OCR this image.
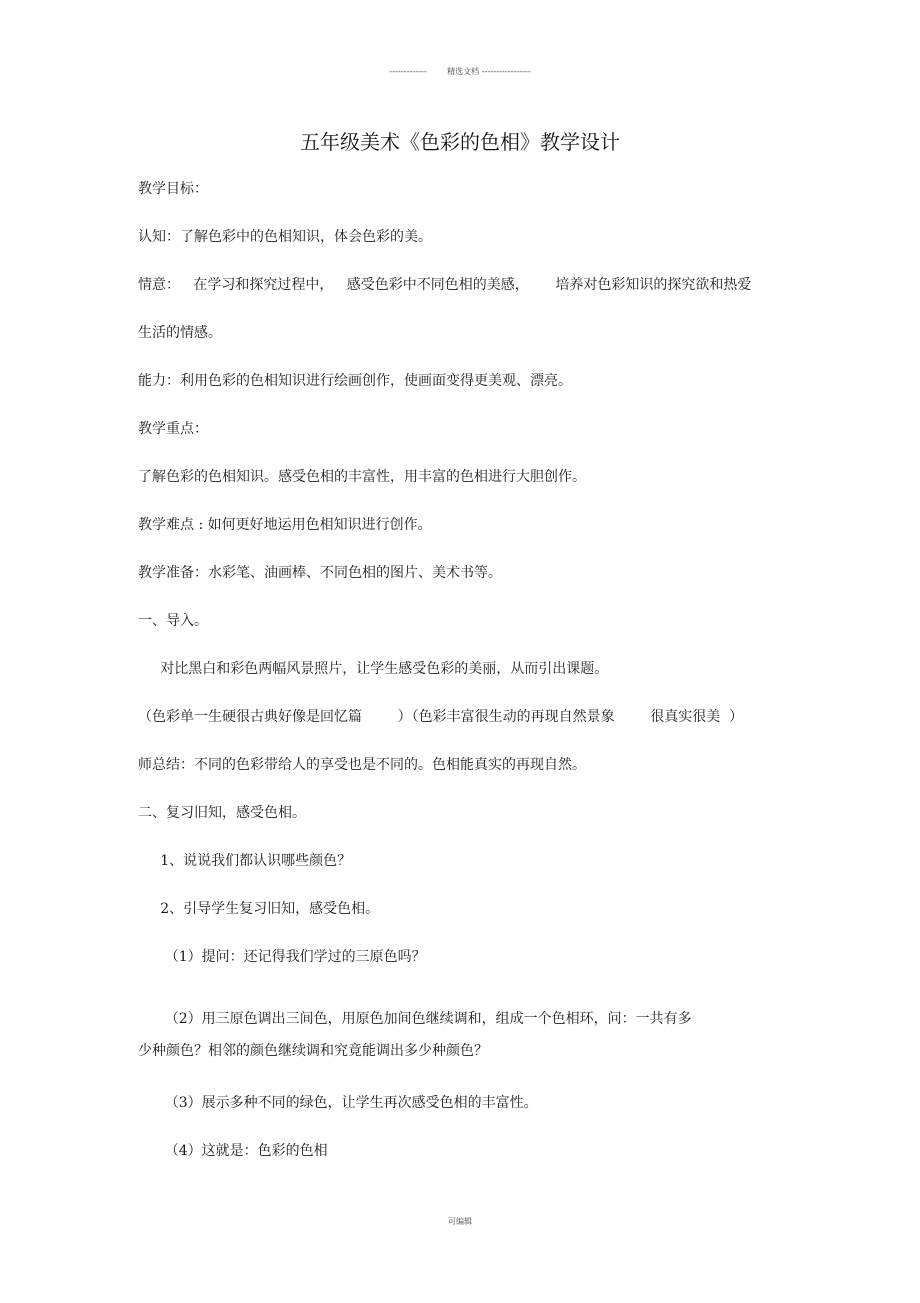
-------------        精选文档 -----------------
五年级美术《色彩的色相》教学设计
教学目标：
认知：了解色彩中的色相知识，体会色彩的美。
情意：   在学习和探究过程中，   感受色彩中不同色相的美感，      培养对色彩知识的探究欲和热爱
生活的情感。
能力：利用色彩的色相知识进行绘画创作，使画面变得更美观、漂亮。
教学重点：
了解色彩的色相知识。感受色相的丰富性，用丰富的色相进行大胆创作。
教学难点 : 如何更好地运用色相知识进行创作。
教学准备：水彩笔、油画棒、不同色相的图片、美术书等。
一、导入。
对比黑白和彩色两幅风景照片，让学生感受色彩的美丽，从而引出课题。
（色彩单一生硬很古典好像是回忆篇        ）（色彩丰富很生动的再现自然景象        很真实很美  ）
师总结：不同的色彩带给人的享受也是不同的。色相能真实的再现自然。
二、复习旧知，感受色相。
1、说说我们都认识哪些颜色？
2、引导学生复习旧知，感受色相。
（1）提问：还记得我们学过的三原色吗？
（2）用三原色调出三间色，用原色加间色继续调和，组成一个色相环，问：一共有多
少种颜色？相邻的颜色继续调和究竟能调出多少种颜色？
（3）展示多种不同的绿色，让学生再次感受色相的丰富性。
（4）这就是：色彩的色相
可编辑
